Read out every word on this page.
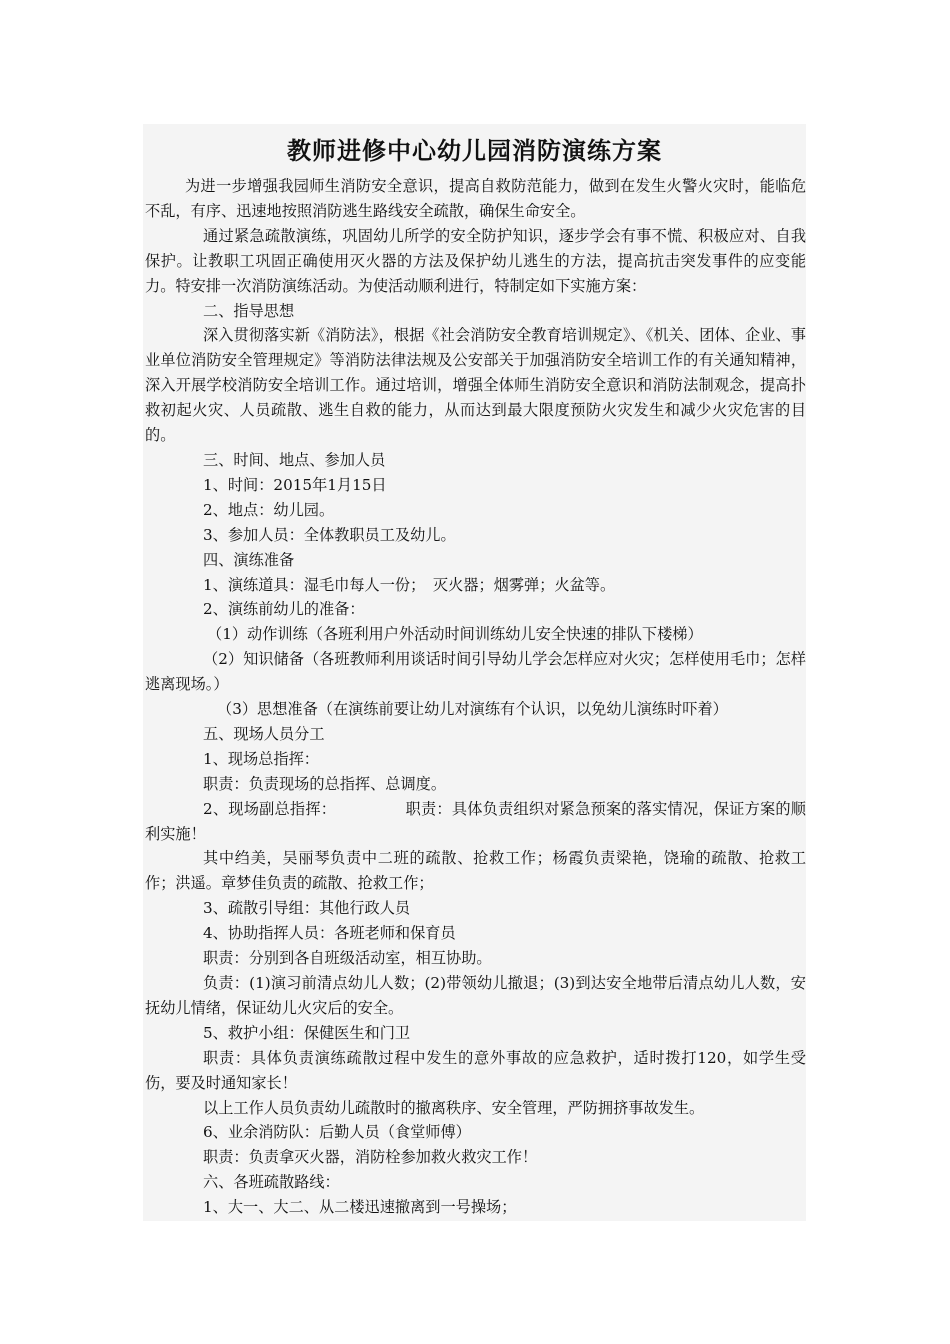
教师进修中心幼儿园消防演练方案

为进一步增强我园师生消防安全意识，提高自救防范能力，做到在发生火警火灾时，能临危不乱，有序、迅速地按照消防逃生路线安全疏散，确保生命安全。

通过紧急疏散演练，巩固幼儿所学的安全防护知识，逐步学会有事不慌、积极应对、自我保护。让教职工巩固正确使用灭火器的方法及保护幼儿逃生的方法，提高抗击突发事件的应变能力。特安排一次消防演练活动。为使活动顺利进行，特制定如下实施方案：

二、指导思想

深入贯彻落实新《消防法》，根据《社会消防安全教育培训规定》、《机关、团体、企业、事业单位消防安全管理规定》等消防法律法规及公安部关于加强消防安全培训工作的有关通知精神，深入开展学校消防安全培训工作。通过培训，增强全体师生消防安全意识和消防法制观念，提高扑救初起火灾、人员疏散、逃生自救的能力，从而达到最大限度预防火灾发生和减少火灾危害的目的。

三、时间、地点、参加人员

1、时间：2015年1月15日

2、地点：幼儿园。

3、参加人员：全体教职员工及幼儿。

四、演练准备

1、演练道具：湿毛巾每人一份；　灭火器；烟雾弹；火盆等。

2、演练前幼儿的准备：

（1）动作训练（各班利用户外活动时间训练幼儿安全快速的排队下楼梯）

（2）知识储备（各班教师利用谈话时间引导幼儿学会怎样应对火灾；怎样使用毛巾；怎样逃离现场。）

（3）思想准备（在演练前要让幼儿对演练有个认识，以免幼儿演练时吓着）

五、现场人员分工

1、现场总指挥：

职责：负责现场的总指挥、总调度。

2、现场副总指挥：　　　　　职责：具体负责组织对紧急预案的落实情况，保证方案的顺利实施！

其中绉美，吴丽琴负责中二班的疏散、抢救工作；杨霞负责梁艳，饶瑜的疏散、抢救工作；洪遥。章梦佳负责的疏散、抢救工作；

3、疏散引导组：其他行政人员

4、协助指挥人员：各班老师和保育员

职责：分别到各自班级活动室，相互协助。

负责：(1)演习前清点幼儿人数；(2)带领幼儿撤退；(3)到达安全地带后清点幼儿人数，安抚幼儿情绪，保证幼儿火灾后的安全。

5、救护小组：保健医生和门卫

职责：具体负责演练疏散过程中发生的意外事故的应急救护，适时拨打120，如学生受伤，要及时通知家长！

以上工作人员负责幼儿疏散时的撤离秩序、安全管理，严防拥挤事故发生。

6、业余消防队：后勤人员（食堂师傅）

职责：负责拿灭火器，消防栓参加救火救灾工作！

六、各班疏散路线：

1、大一、大二、从二楼迅速撤离到一号操场；
